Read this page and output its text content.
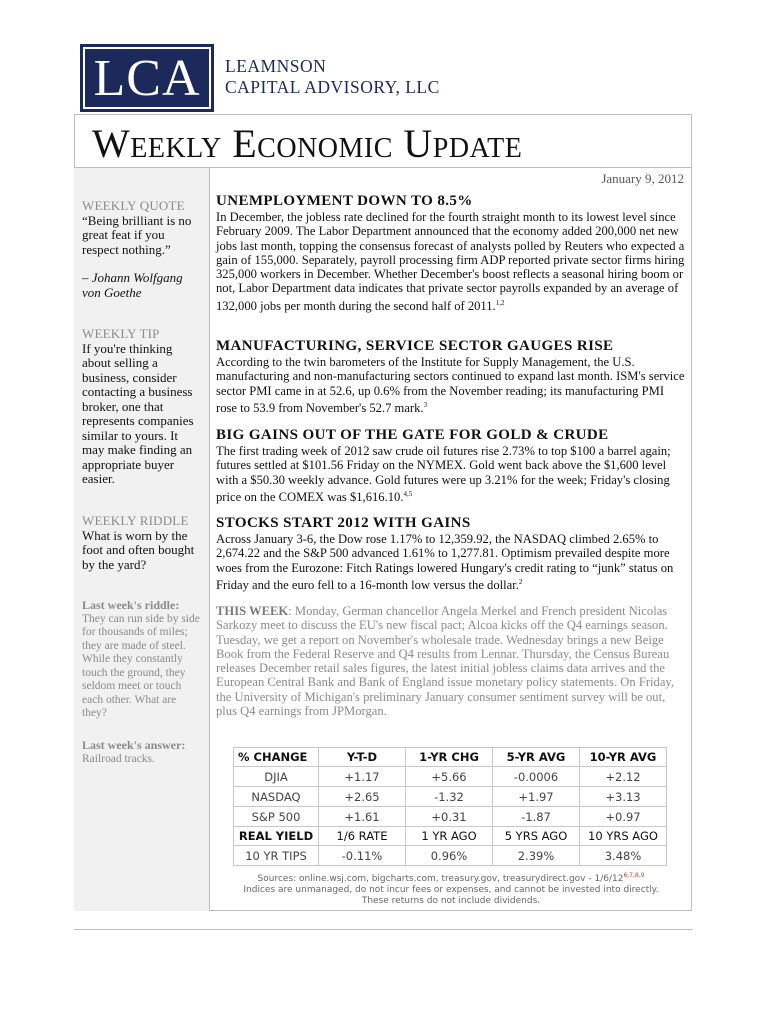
LCA	LEAMNSON
CAPITAL ADVISORY, LLC
Weekly Economic Update
January 9, 2012
WEEKLY QUOTE
“Being brilliant is no great feat if you respect nothing.”
– Johann Wolfgang von Goethe
WEEKLY TIP
If you're thinking about selling a business, consider contacting a business broker, one that represents companies similar to yours. It may make finding an appropriate buyer easier.
WEEKLY RIDDLE
What is worn by the foot and often bought by the yard?
Last week's riddle:
They can run side by side for thousands of miles; they are made of steel. While they constantly touch the ground, they seldom meet or touch each other. What are they?
Last week's answer:
Railroad tracks.
UNEMPLOYMENT DOWN TO 8.5%

In December, the jobless rate declined for the fourth straight month to its lowest level since February 2009. The Labor Department announced that the economy added 200,000 net new jobs last month, topping the consensus forecast of analysts polled by Reuters who expected a gain of 155,000. Separately, payroll processing firm ADP reported private sector firms hiring 325,000 workers in December. Whether December's boost reflects a seasonal hiring boom or not, Labor Department data indicates that private sector payrolls expanded by an average of 132,000 jobs per month during the second half of 2011.$^{1,2}$

MANUFACTURING, SERVICE SECTOR GAUGES RISE

According to the twin barometers of the Institute for Supply Management, the U.S. manufacturing and non-manufacturing sectors continued to expand last month. ISM's service sector PMI came in at 52.6, up 0.6% from the November reading; its manufacturing PMI rose to 53.9 from November's 52.7 mark.$^3$

BIG GAINS OUT OF THE GATE FOR GOLD & CRUDE

The first trading week of 2012 saw crude oil futures rise 2.73% to top $100 a barrel again; futures settled at $101.56 Friday on the NYMEX. Gold went back above the $1,600 level with a $50.30 weekly advance. Gold futures were up 3.21% for the week; Friday's closing price on the COMEX was $1,616.10.$^{4,5}$

STOCKS START 2012 WITH GAINS

Across January 3-6, the Dow rose 1.17% to 12,359.92, the NASDAQ climbed 2.65% to 2,674.22 and the S&P 500 advanced 1.61% to 1,277.81. Optimism prevailed despite more woes from the Eurozone: Fitch Ratings lowered Hungary's credit rating to “junk” status on Friday and the euro fell to a 16-month low versus the dollar.$^2$

THIS WEEK: Monday, German chancellor Angela Merkel and French president Nicolas Sarkozy meet to discuss the EU's new fiscal pact; Alcoa kicks off the Q4 earnings season. Tuesday, we get a report on November's wholesale trade. Wednesday brings a new Beige Book from the Federal Reserve and Q4 results from Lennar. Thursday, the Census Bureau releases December retail sales figures, the latest initial jobless claims data arrives and the European Central Bank and Bank of England issue monetary policy statements. On Friday, the University of Michigan's preliminary January consumer sentiment survey will be out, plus Q4 earnings from JPMorgan.

% CHANGE	Y-T-D	1-YR CHG	5-YR AVG	10-YR AVG
DJIA	+1.17	+5.66	-0.0006	+2.12
NASDAQ	+2.65	-1.32	+1.97	+3.13
S&P 500	+1.61	+0.31	-1.87	+0.97
REAL YIELD	1/6 RATE	1 YR AGO	5 YRS AGO	10 YRS AGO
10 YR TIPS	-0.11%	0.96%	2.39%	3.48%
Sources: online.wsj.com, bigcharts.com, treasury.gov, treasurydirect.gov - 1/6/12$^{6,7,8,9}$
Indices are unmanaged, do not incur fees or expenses, and cannot be invested into directly.
These returns do not include dividends.
